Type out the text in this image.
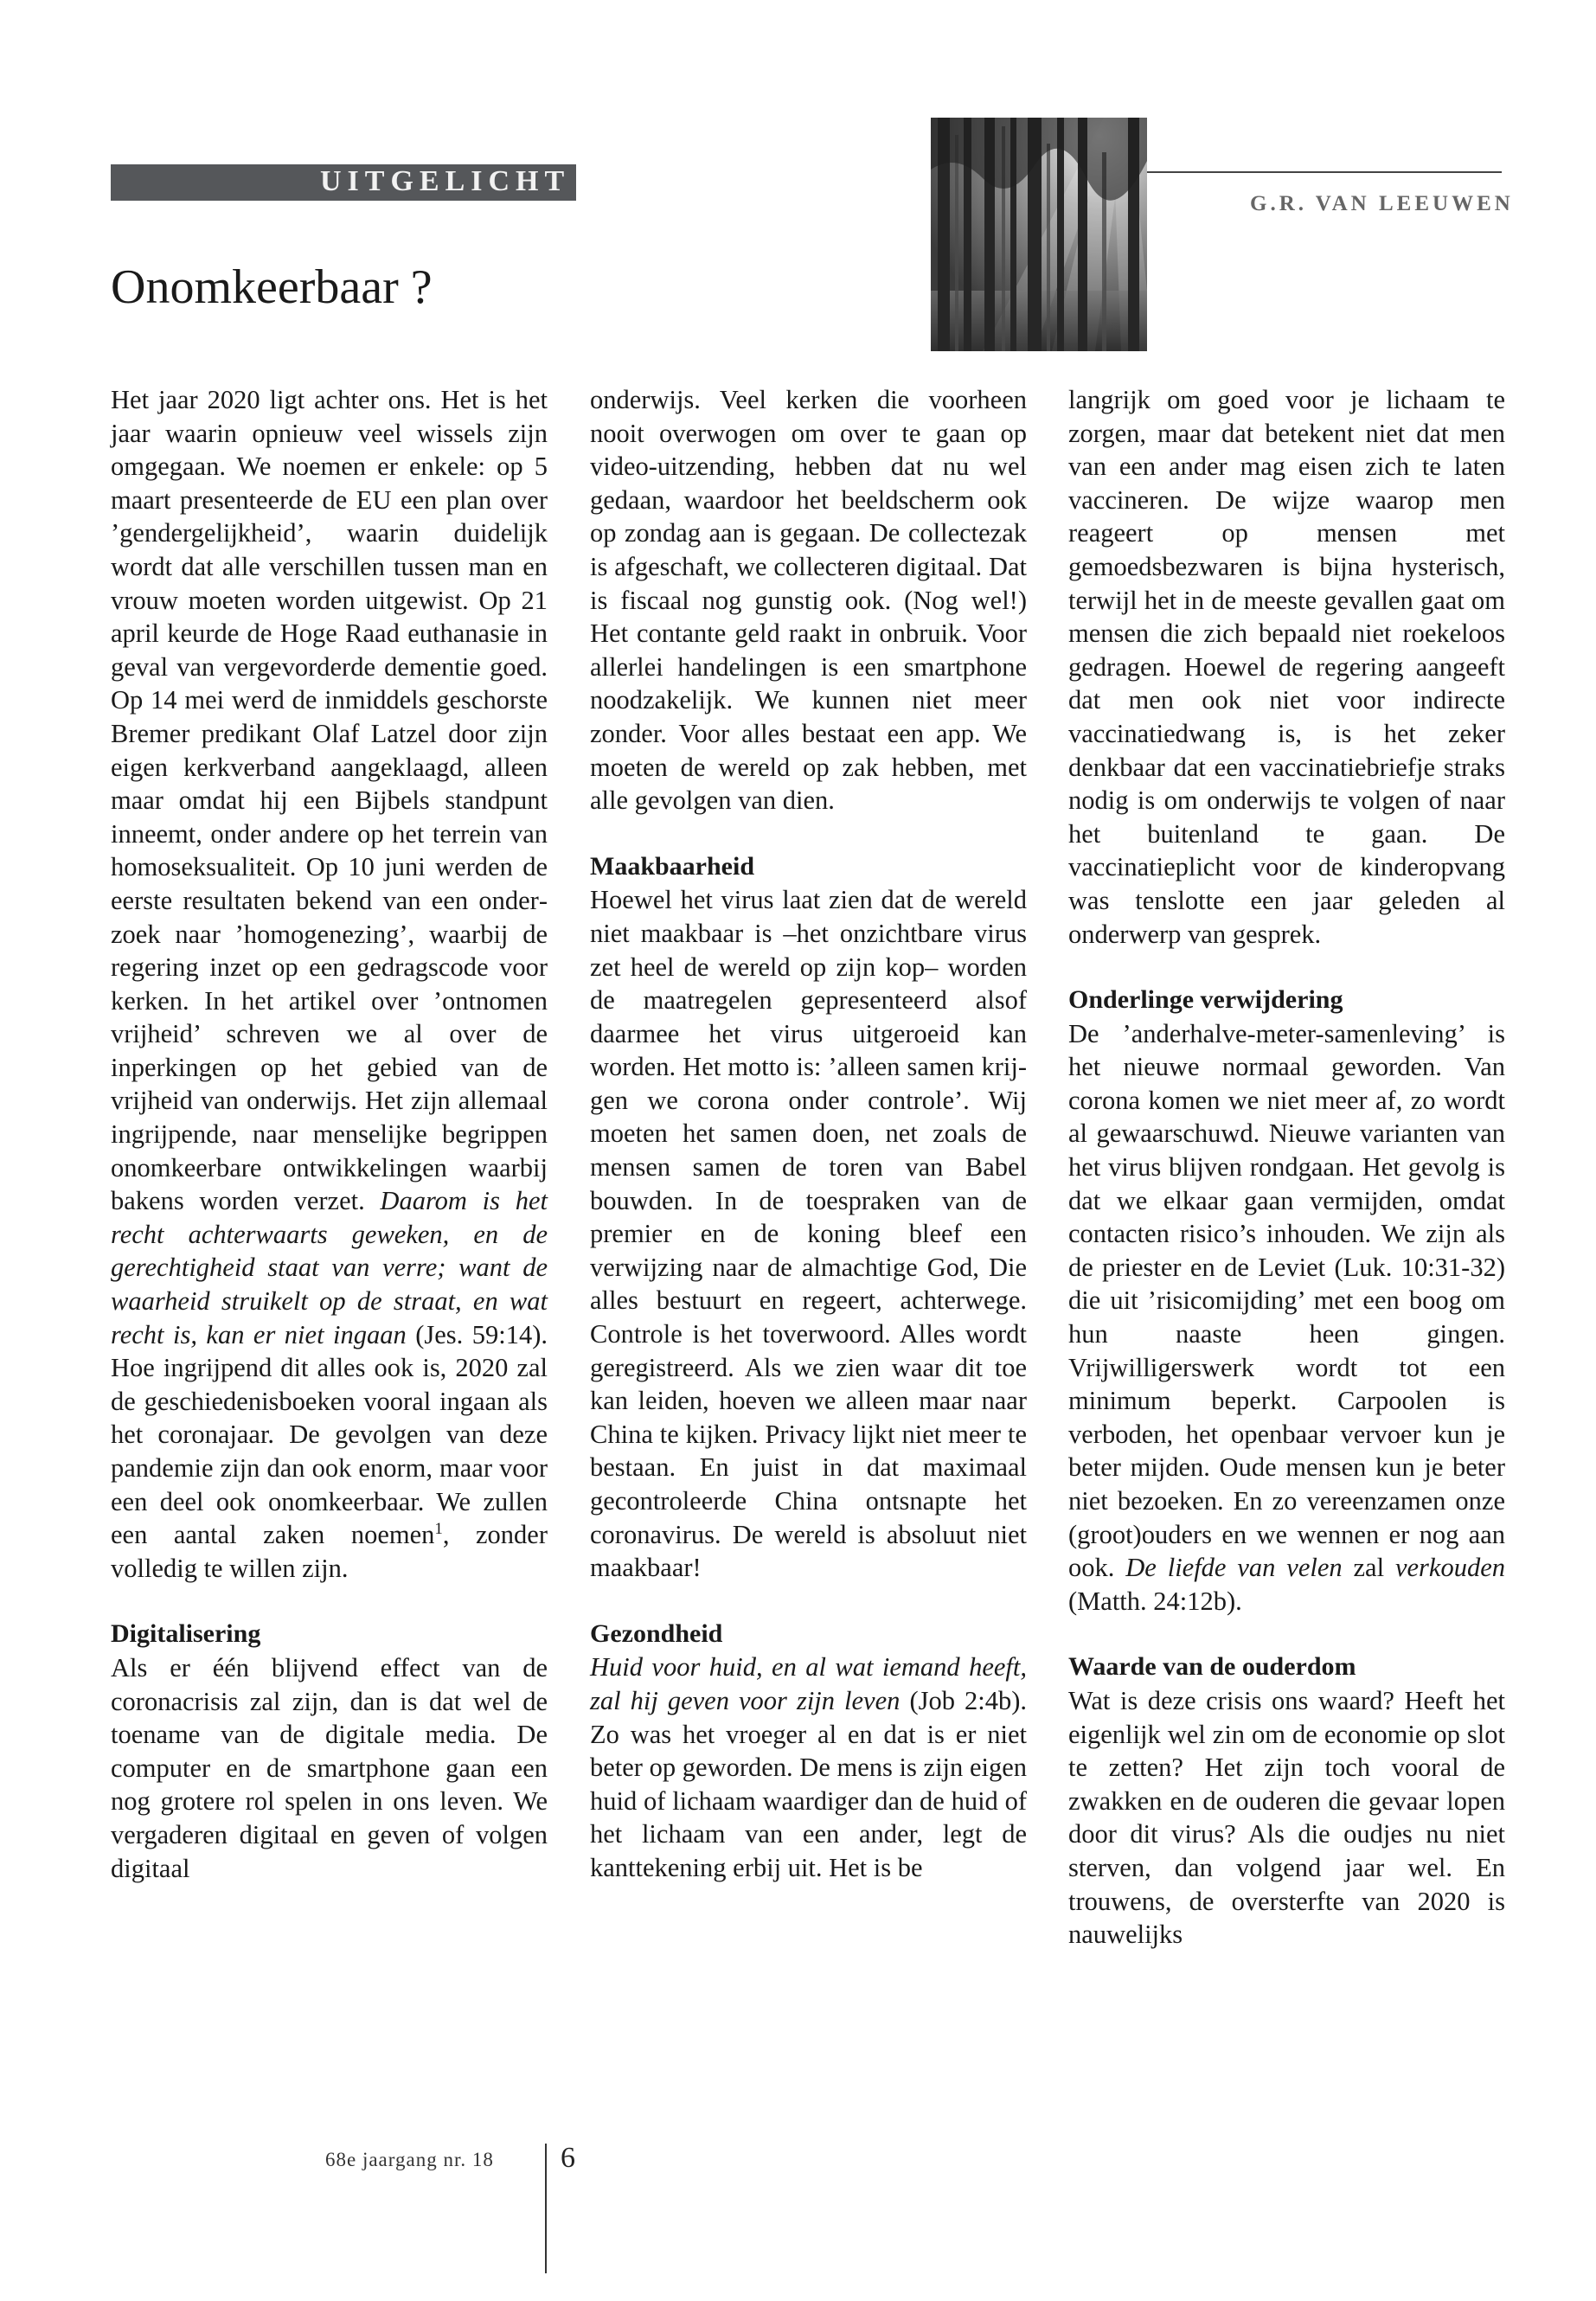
UITGELICHT
G.R. VAN LEEUWEN
Onomkeerbaar ?

Het jaar 2020 ligt achter ons. Het is het jaar waarin opnieuw veel wissels zijn omgegaan. We noemen er enkele: op 5 maart presenteerde de EU een plan over ’gendergelijkheid’, waarin duidelijk wordt dat alle verschillen tussen man en vrouw moeten worden uitgewist. Op 21 april keurde de Hoge Raad euthanasie in geval van vergevorderde dementie goed. Op 14 mei werd de inmiddels geschorste Bremer predikant Olaf Latzel door zijn eigen kerkverband aangeklaagd, alleen maar omdat hij een Bijbels standpunt inneemt, onder andere op het terrein van homoseksualiteit. Op 10 juni werden de eerste resultaten bekend van een onderzoek naar ’homogenezing’, waarbij de regering inzet op een gedragscode voor kerken. In het artikel over ’ontnomen vrijheid’ schreven we al over de inperkingen op het gebied van de vrijheid van onderwijs. Het zijn allemaal ingrijpende, naar menselijke begrippen onomkeerbare ontwikkelingen waarbij bakens worden verzet. Daarom is het recht achterwaarts geweken, en de gerechtigheid staat van verre; want de waarheid struikelt op de straat, en wat recht is, kan er niet ingaan (Jes. 59:14). Hoe ingrijpend dit alles ook is, 2020 zal de geschiedenisboeken vooral ingaan als het coronajaar. De gevolgen van deze pandemie zijn dan ook enorm, maar voor een deel ook onomkeerbaar. We zullen een aantal zaken noemen$^1$, zonder volledig te willen zijn.

Digitalisering

Als er één blijvend effect van de coronacrisis zal zijn, dan is dat wel de toename van de digitale media. De computer en de smartphone gaan een nog grotere rol spelen in ons leven. We vergaderen digitaal en geven of volgen digitaal

onderwijs. Veel kerken die voorheen nooit overwogen om over te gaan op video-uitzending, hebben dat nu wel gedaan, waardoor het beeldscherm ook op zondag aan is gegaan. De collectezak is afgeschaft, we collecteren digitaal. Dat is fiscaal nog gunstig ook. (Nog wel!) Het contante geld raakt in onbruik. Voor allerlei handelingen is een smartphone noodzakelijk. We kunnen niet meer zonder. Voor alles bestaat een app. We moeten de wereld op zak hebben, met alle gevolgen van dien.

Maakbaarheid

Hoewel het virus laat zien dat de wereld niet maakbaar is –het onzichtbare virus zet heel de wereld op zijn kop– worden de maatregelen gepresenteerd alsof daarmee het virus uitgeroeid kan worden. Het motto is: ’alleen samen krijgen we corona onder controle’. Wij moeten het samen doen, net zoals de mensen samen de toren van Babel bouwden. In de toespraken van de premier en de koning bleef een verwijzing naar de almachtige God, Die alles bestuurt en regeert, achterwege. Controle is het toverwoord. Alles wordt geregistreerd. Als we zien waar dit toe kan leiden, hoeven we alleen maar naar China te kijken. Privacy lijkt niet meer te bestaan. En juist in dat maximaal gecontroleerde China ontsnapte het coronavirus. De wereld is absoluut niet maakbaar!

Gezondheid

Huid voor huid, en al wat iemand heeft, zal hij geven voor zijn leven (Job 2:4b). Zo was het vroeger al en dat is er niet beter op geworden. De mens is zijn eigen huid of lichaam waardiger dan de huid of het lichaam van een ander, legt de kanttekening erbij uit. Het is be

langrijk om goed voor je lichaam te zorgen, maar dat betekent niet dat men van een ander mag eisen zich te laten vaccineren. De wijze waarop men reageert op mensen met gemoedsbezwaren is bijna hysterisch, terwijl het in de meeste gevallen gaat om mensen die zich bepaald niet roekeloos gedragen. Hoewel de regering aangeeft dat men ook niet voor indirecte vaccinatiedwang is, is het zeker denkbaar dat een vaccinatiebriefje straks nodig is om onderwijs te volgen of naar het buitenland te gaan. De vaccinatieplicht voor de kinderopvang was tenslotte een jaar geleden al onderwerp van gesprek.

Onderlinge verwijdering

De ’anderhalve-meter-samenleving’ is het nieuwe normaal geworden. Van corona komen we niet meer af, zo wordt al gewaarschuwd. Nieuwe varianten van het virus blijven rondgaan. Het gevolg is dat we elkaar gaan vermijden, omdat contacten risico’s inhouden. We zijn als de priester en de Leviet (Luk. 10:31-32) die uit ’risicomijding’ met een boog om hun naaste heen gingen. Vrijwilligerswerk wordt tot een minimum beperkt. Carpoolen is verboden, het openbaar vervoer kun je beter mijden. Oude mensen kun je beter niet bezoeken. En zo vereenzamen onze (groot)ouders en we wennen er nog aan ook. De liefde van velen zal verkouden (Matth. 24:12b).

Waarde van de ouderdom

Wat is deze crisis ons waard? Heeft het eigenlijk wel zin om de economie op slot te zetten? Het zijn toch vooral de zwakken en de ouderen die gevaar lopen door dit virus? Als die oudjes nu niet sterven, dan volgend jaar wel. En trouwens, de oversterfte van 2020 is nauwelijks

68e jaargang nr. 18 6
